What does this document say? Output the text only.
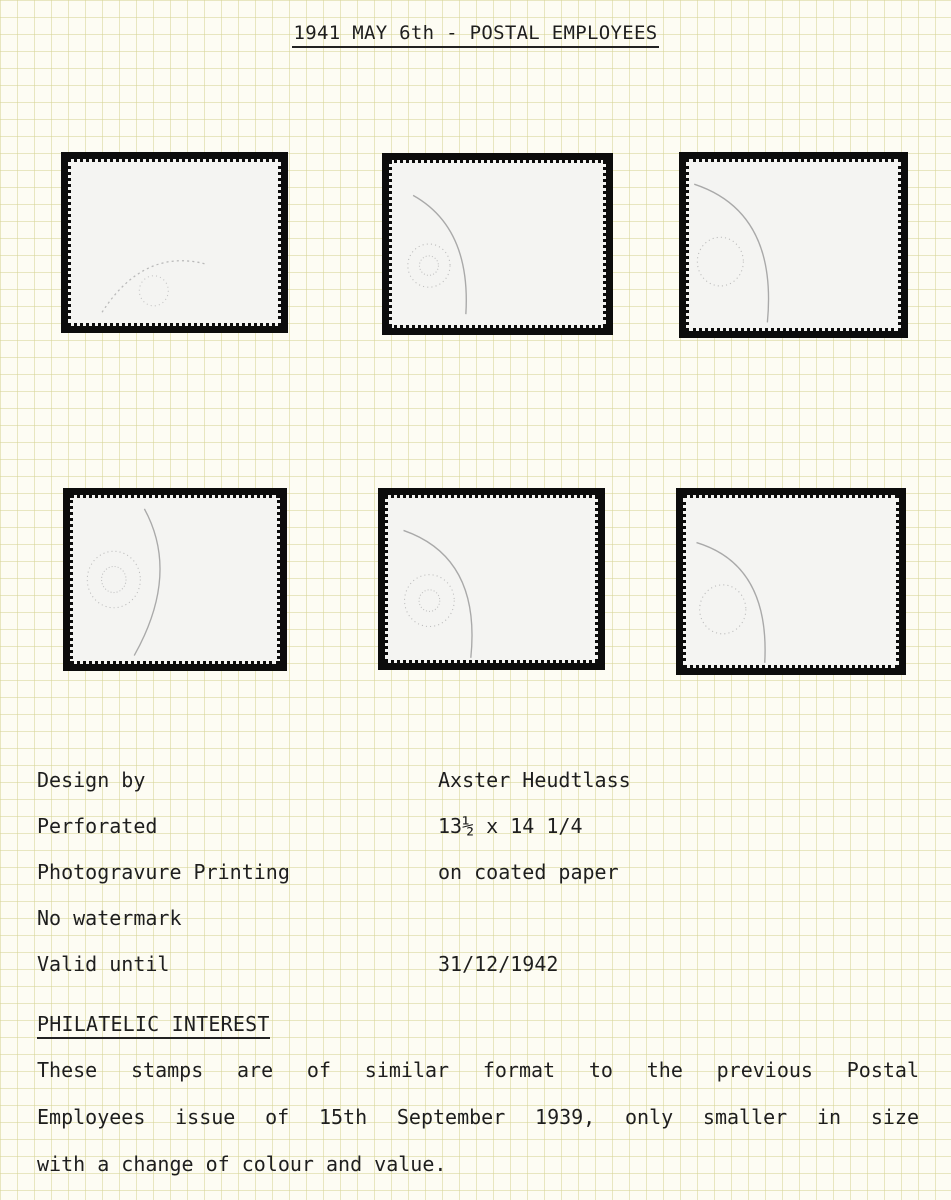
1941 MAY 6th - POSTAL EMPLOYEES
Design by	Axster Heudtlass
Perforated	13½ x 14 1/4
Photogravure Printing	on coated paper
No watermark
Valid until	31/12/1942
PHILATELIC INTEREST
These stamps are of similar format to the previous Postal
Employees issue of 15th September 1939, only smaller in size
with a change of colour and value.
